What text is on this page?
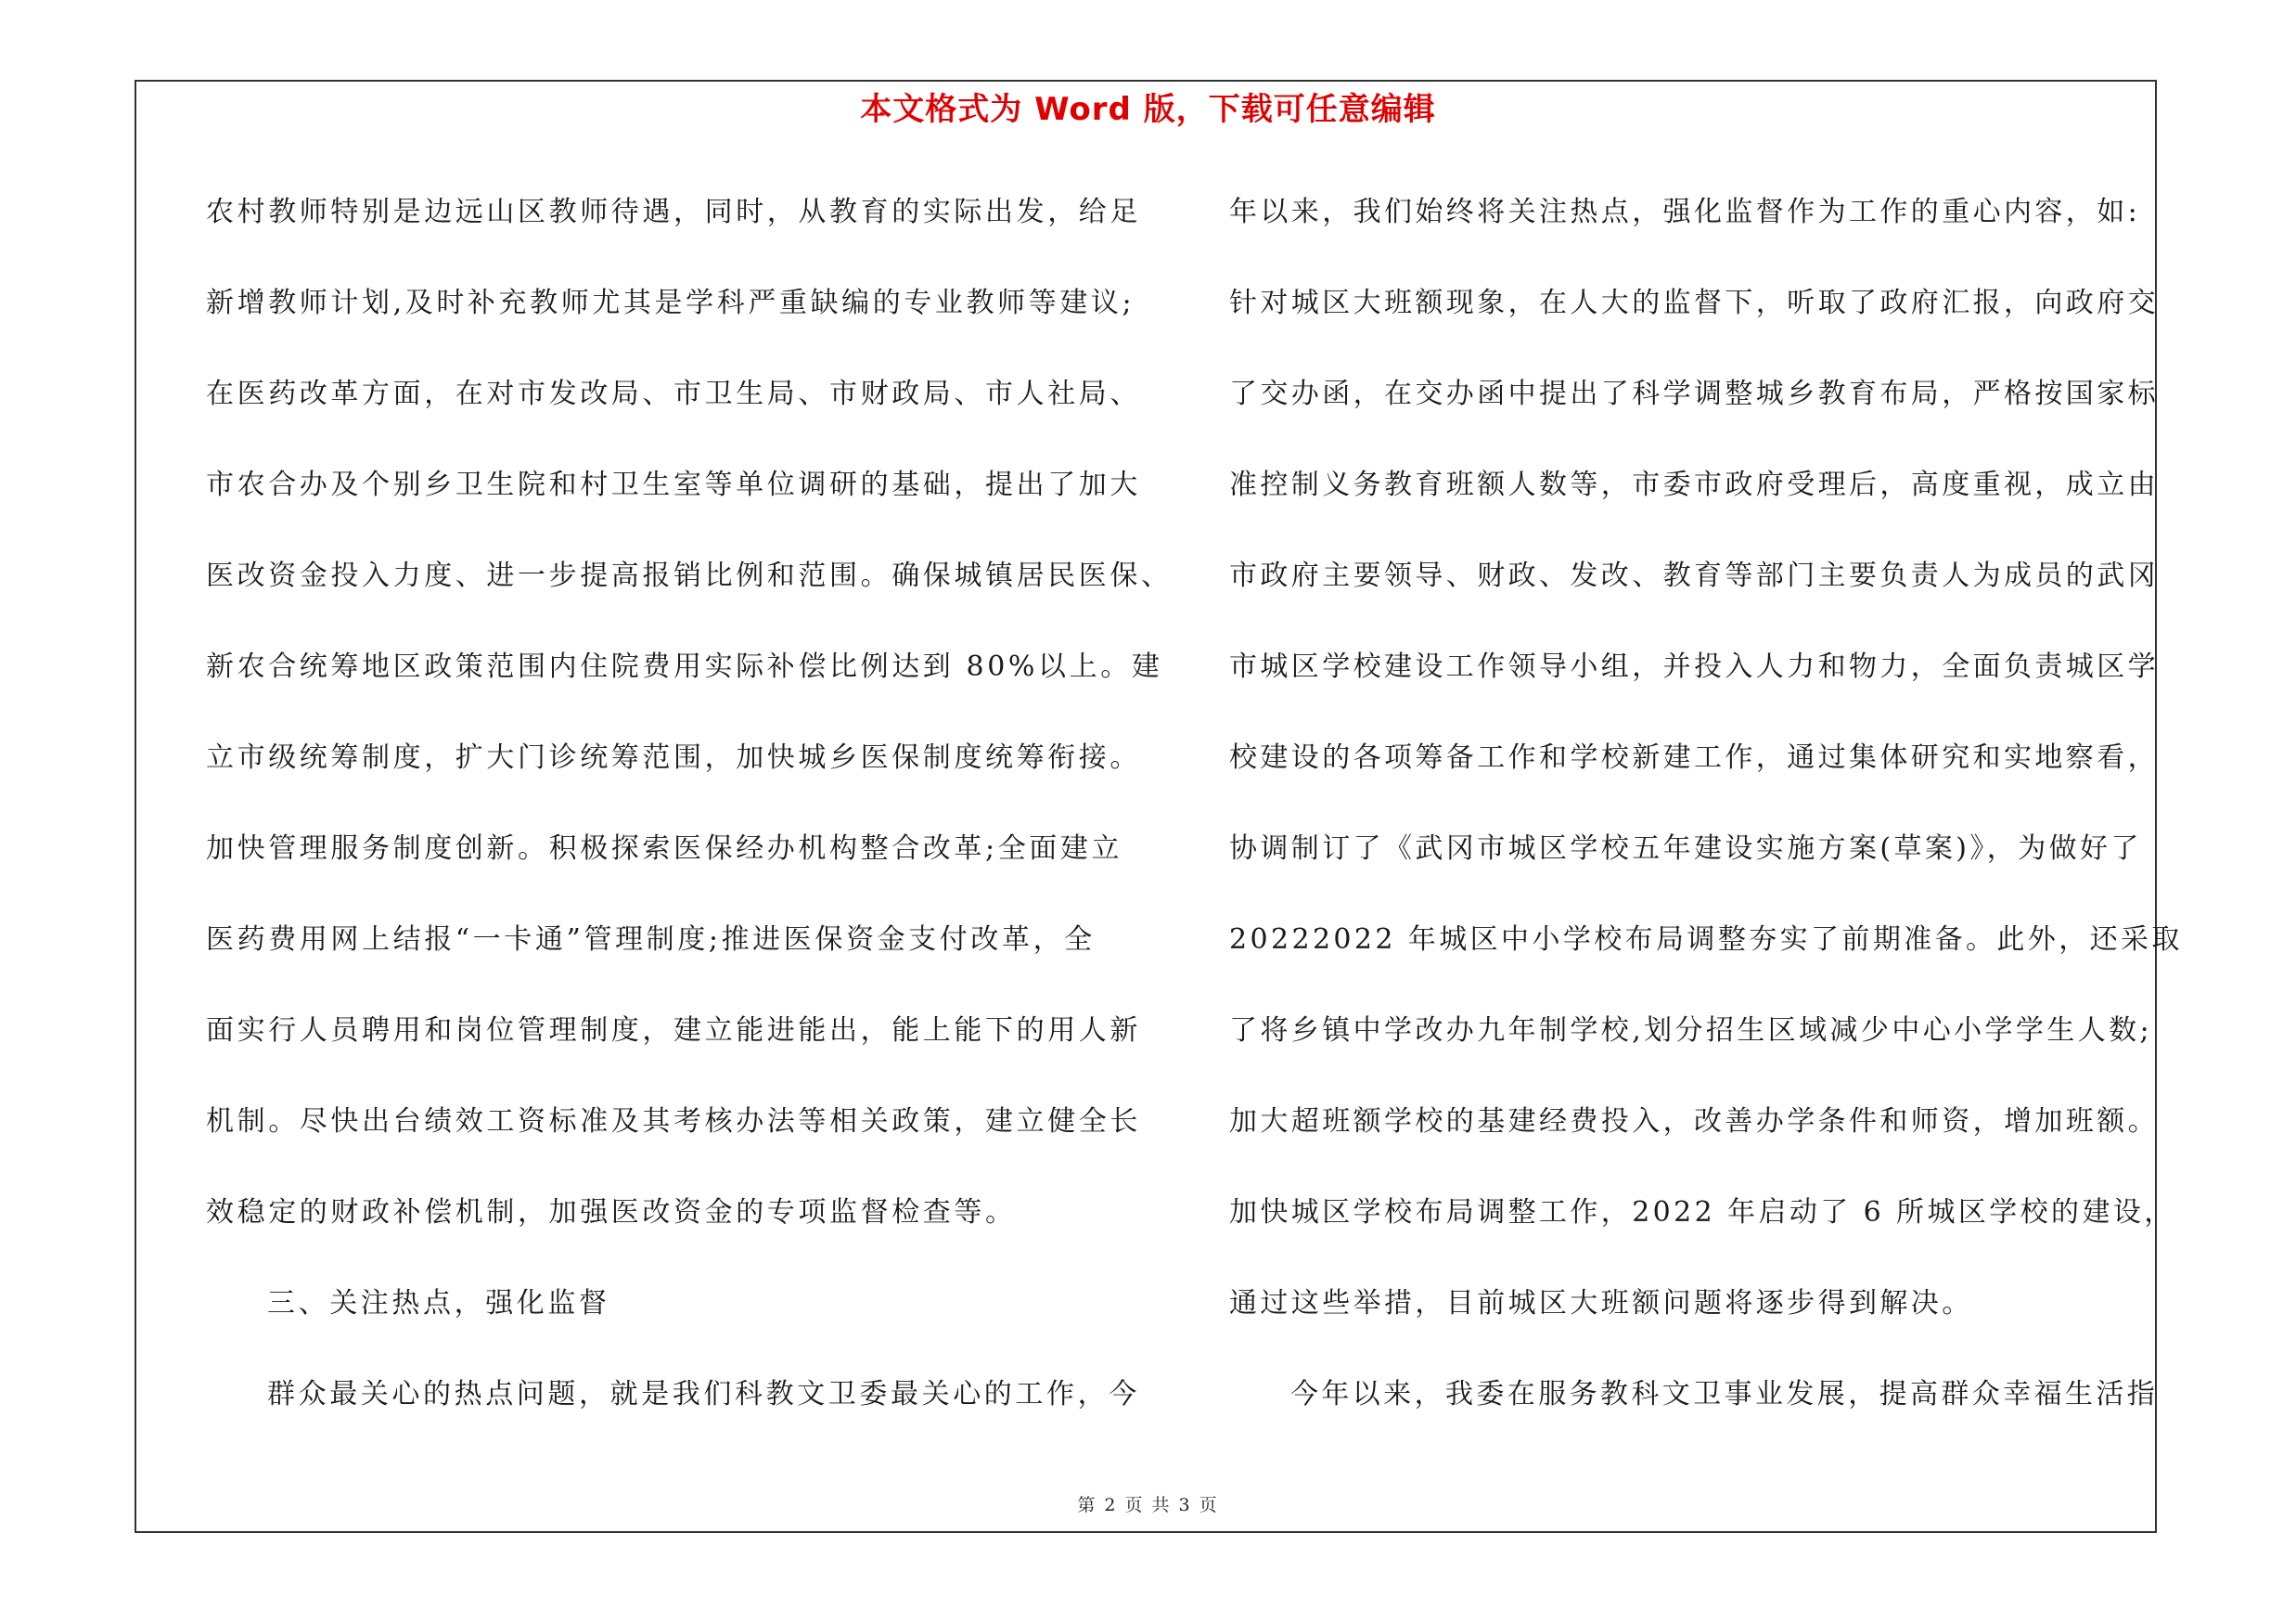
本文格式为 Word 版，下载可任意编辑
农村教师特别是边远山区教师待遇，同时，从教育的实际出发，给足
新增教师计划,及时补充教师尤其是学科严重缺编的专业教师等建议;
在医药改革方面，在对市发改局、市卫生局、市财政局、市人社局、
市农合办及个别乡卫生院和村卫生室等单位调研的基础，提出了加大
医改资金投入力度、进一步提高报销比例和范围。确保城镇居民医保、
新农合统筹地区政策范围内住院费用实际补偿比例达到 80%以上。建
立市级统筹制度，扩大门诊统筹范围，加快城乡医保制度统筹衔接。
加快管理服务制度创新。积极探索医保经办机构整合改革;全面建立
医药费用网上结报“一卡通”管理制度;推进医保资金支付改革，全
面实行人员聘用和岗位管理制度，建立能进能出，能上能下的用人新
机制。尽快出台绩效工资标准及其考核办法等相关政策，建立健全长
效稳定的财政补偿机制，加强医改资金的专项监督检查等。
三、关注热点，强化监督
群众最关心的热点问题，就是我们科教文卫委最关心的工作，今
年以来，我们始终将关注热点，强化监督作为工作的重心内容，如:
针对城区大班额现象，在人大的监督下，听取了政府汇报，向政府交
了交办函，在交办函中提出了科学调整城乡教育布局，严格按国家标
准控制义务教育班额人数等，市委市政府受理后，高度重视，成立由
市政府主要领导、财政、发改、教育等部门主要负责人为成员的武冈
市城区学校建设工作领导小组，并投入人力和物力，全面负责城区学
校建设的各项筹备工作和学校新建工作，通过集体研究和实地察看，
协调制订了《武冈市城区学校五年建设实施方案(草案)》，为做好了
20222022 年城区中小学校布局调整夯实了前期准备。此外，还采取
了将乡镇中学改办九年制学校,划分招生区域减少中心小学学生人数;
加大超班额学校的基建经费投入，改善办学条件和师资，增加班额。
加快城区学校布局调整工作，2022 年启动了 6 所城区学校的建设，
通过这些举措，目前城区大班额问题将逐步得到解决。
今年以来，我委在服务教科文卫事业发展，提高群众幸福生活指
第 2 页 共 3 页
